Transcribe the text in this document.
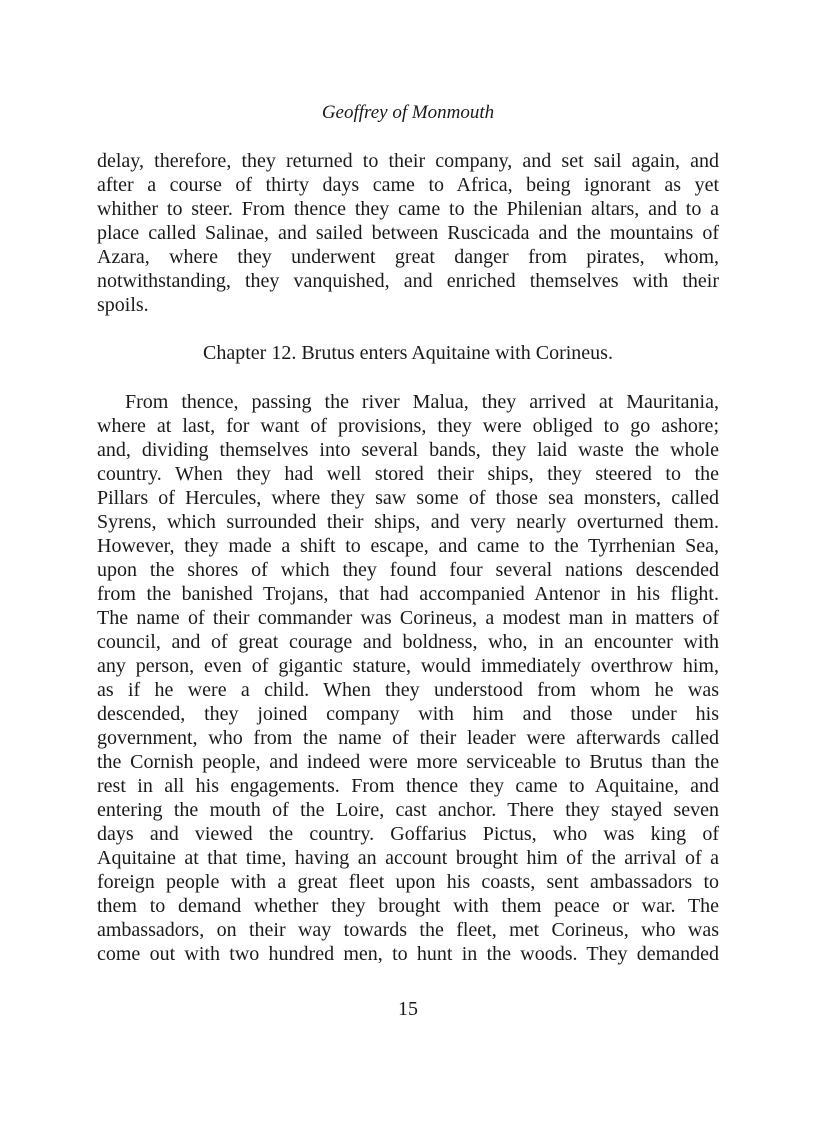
Geoffrey of Monmouth
delay, therefore, they returned to their company, and set sail again, and
after a course of thirty days came to Africa, being ignorant as yet
whither to steer. From thence they came to the Philenian altars, and to a
place called Salinae, and sailed between Ruscicada and the mountains of
Azara, where they underwent great danger from pirates, whom,
notwithstanding, they vanquished, and enriched themselves with their
spoils.
Chapter 12. Brutus enters Aquitaine with Corineus.
From thence, passing the river Malua, they arrived at Mauritania,
where at last, for want of provisions, they were obliged to go ashore;
and, dividing themselves into several bands, they laid waste the whole
country. When they had well stored their ships, they steered to the
Pillars of Hercules, where they saw some of those sea monsters, called
Syrens, which surrounded their ships, and very nearly overturned them.
However, they made a shift to escape, and came to the Tyrrhenian Sea,
upon the shores of which they found four several nations descended
from the banished Trojans, that had accompanied Antenor in his flight.
The name of their commander was Corineus, a modest man in matters of
council, and of great courage and boldness, who, in an encounter with
any person, even of gigantic stature, would immediately overthrow him,
as if he were a child. When they understood from whom he was
descended, they joined company with him and those under his
government, who from the name of their leader were afterwards called
the Cornish people, and indeed were more serviceable to Brutus than the
rest in all his engagements. From thence they came to Aquitaine, and
entering the mouth of the Loire, cast anchor. There they stayed seven
days and viewed the country. Goffarius Pictus, who was king of
Aquitaine at that time, having an account brought him of the arrival of a
foreign people with a great fleet upon his coasts, sent ambassadors to
them to demand whether they brought with them peace or war. The
ambassadors, on their way towards the fleet, met Corineus, who was
come out with two hundred men, to hunt in the woods. They demanded
15
